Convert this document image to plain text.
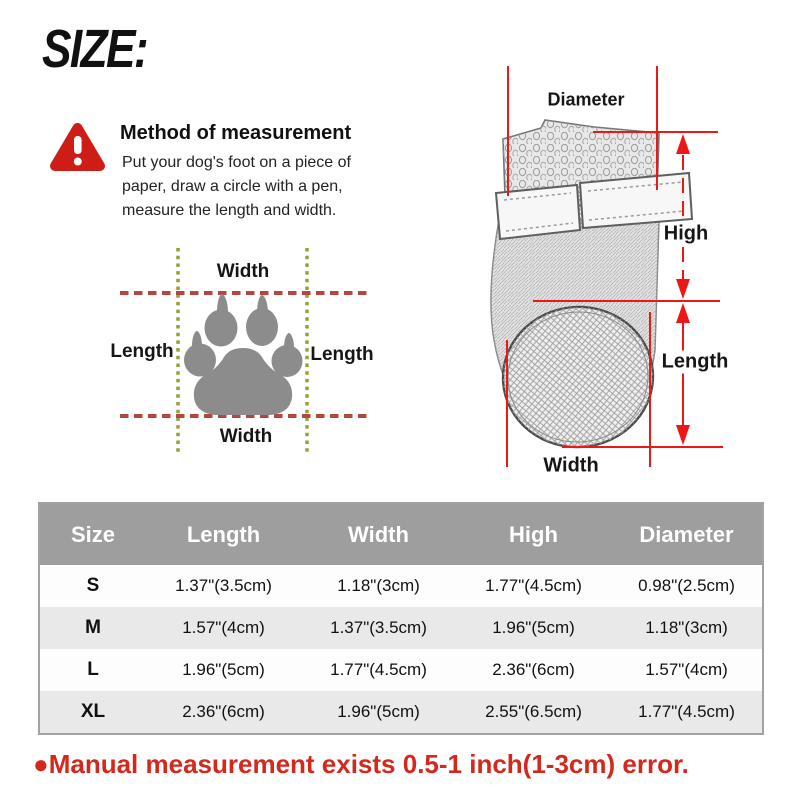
SIZE:
Method of measurement
Put your dog's foot on a piece of
paper, draw a circle with a pen,
measure the length and width.
Width
Length	Length
Width
Diameter
High
Length
Width
Size	Length	Width	High	Diameter
S	1.37"(3.5cm)	1.18"(3cm)	1.77"(4.5cm)	0.98"(2.5cm)
M	1.57"(4cm)	1.37"(3.5cm)	1.96"(5cm)	1.18"(3cm)
L	1.96"(5cm)	1.77"(4.5cm)	2.36"(6cm)	1.57"(4cm)
XL	2.36"(6cm)	1.96"(5cm)	2.55"(6.5cm)	1.77"(4.5cm)
●Manual measurement exists 0.5-1 inch(1-3cm) error.
